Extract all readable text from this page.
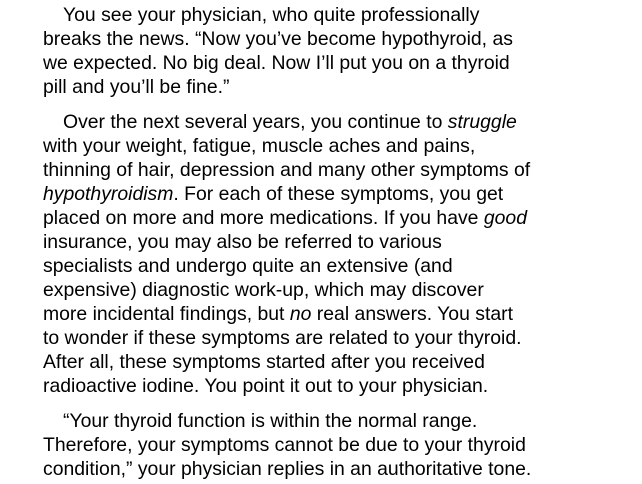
You see your physician, who quite professionally
breaks the news. “Now you’ve become hypothyroid, as
we expected. No big deal. Now I’ll put you on a thyroid
pill and you’ll be fine.”

Over the next several years, you continue to struggle
with your weight, fatigue, muscle aches and pains,
thinning of hair, depression and many other symptoms of
hypothyroidism. For each of these symptoms, you get
placed on more and more medications. If you have good
insurance, you may also be referred to various
specialists and undergo quite an extensive (and
expensive) diagnostic work-up, which may discover
more incidental findings, but no real answers. You start
to wonder if these symptoms are related to your thyroid.
After all, these symptoms started after you received
radioactive iodine. You point it out to your physician.

“Your thyroid function is within the normal range.
Therefore, your symptoms cannot be due to your thyroid
condition,” your physician replies in an authoritative tone.
